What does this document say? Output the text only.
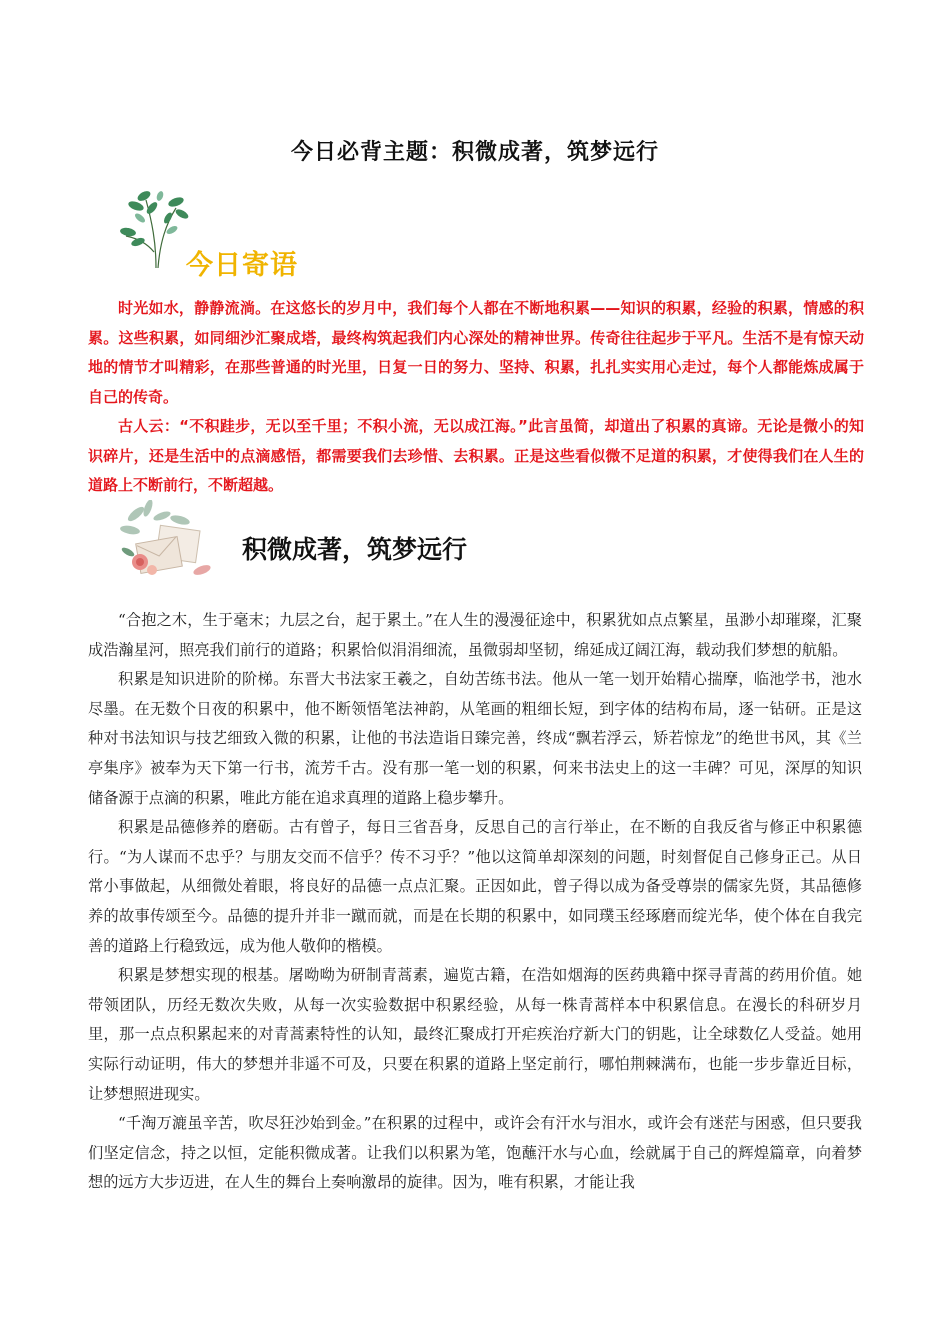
今日必背主题：积微成著，筑梦远行
今日寄语

时光如水，静静流淌。在这悠长的岁月中，我们每个人都在不断地积累——知识的积累，经验的积累，情感的积累。这些积累，如同细沙汇聚成塔，最终构筑起我们内心深处的精神世界。传奇往往起步于平凡。生活不是有惊天动地的情节才叫精彩，在那些普通的时光里，日复一日的努力、坚持、积累，扎扎实实用心走过，每个人都能炼成属于自己的传奇。

古人云：“不积跬步，无以至千里；不积小流，无以成江海。”此言虽简，却道出了积累的真谛。无论是微小的知识碎片，还是生活中的点滴感悟，都需要我们去珍惜、去积累。正是这些看似微不足道的积累，才使得我们在人生的道路上不断前行，不断超越。

积微成著，筑梦远行

“合抱之木，生于毫末；九层之台，起于累土。”在人生的漫漫征途中，积累犹如点点繁星，虽渺小却璀璨，汇聚成浩瀚星河，照亮我们前行的道路；积累恰似涓涓细流，虽微弱却坚韧，绵延成辽阔江海，载动我们梦想的航船。

积累是知识进阶的阶梯。东晋大书法家王羲之，自幼苦练书法。他从一笔一划开始精心揣摩，临池学书，池水尽墨。在无数个日夜的积累中，他不断领悟笔法神韵，从笔画的粗细长短，到字体的结构布局，逐一钻研。正是这种对书法知识与技艺细致入微的积累，让他的书法造诣日臻完善，终成“飘若浮云，矫若惊龙”的绝世书风，其《兰亭集序》被奉为天下第一行书，流芳千古。没有那一笔一划的积累，何来书法史上的这一丰碑？可见，深厚的知识储备源于点滴的积累，唯此方能在追求真理的道路上稳步攀升。

积累是品德修养的磨砺。古有曾子，每日三省吾身，反思自己的言行举止，在不断的自我反省与修正中积累德行。“为人谋而不忠乎？与朋友交而不信乎？传不习乎？”他以这简单却深刻的问题，时刻督促自己修身正己。从日常小事做起，从细微处着眼，将良好的品德一点点汇聚。正因如此，曾子得以成为备受尊崇的儒家先贤，其品德修养的故事传颂至今。品德的提升并非一蹴而就，而是在长期的积累中，如同璞玉经琢磨而绽光华，使个体在自我完善的道路上行稳致远，成为他人敬仰的楷模。

积累是梦想实现的根基。屠呦呦为研制青蒿素，遍览古籍，在浩如烟海的医药典籍中探寻青蒿的药用价值。她带领团队，历经无数次失败，从每一次实验数据中积累经验，从每一株青蒿样本中积累信息。在漫长的科研岁月里，那一点点积累起来的对青蒿素特性的认知，最终汇聚成打开疟疾治疗新大门的钥匙，让全球数亿人受益。她用实际行动证明，伟大的梦想并非遥不可及，只要在积累的道路上坚定前行，哪怕荆棘满布，也能一步步靠近目标，让梦想照进现实。

“千淘万漉虽辛苦，吹尽狂沙始到金。”在积累的过程中，或许会有汗水与泪水，或许会有迷茫与困惑，但只要我们坚定信念，持之以恒，定能积微成著。让我们以积累为笔，饱蘸汗水与心血，绘就属于自己的辉煌篇章，向着梦想的远方大步迈进，在人生的舞台上奏响激昂的旋律。因为，唯有积累，才能让我
